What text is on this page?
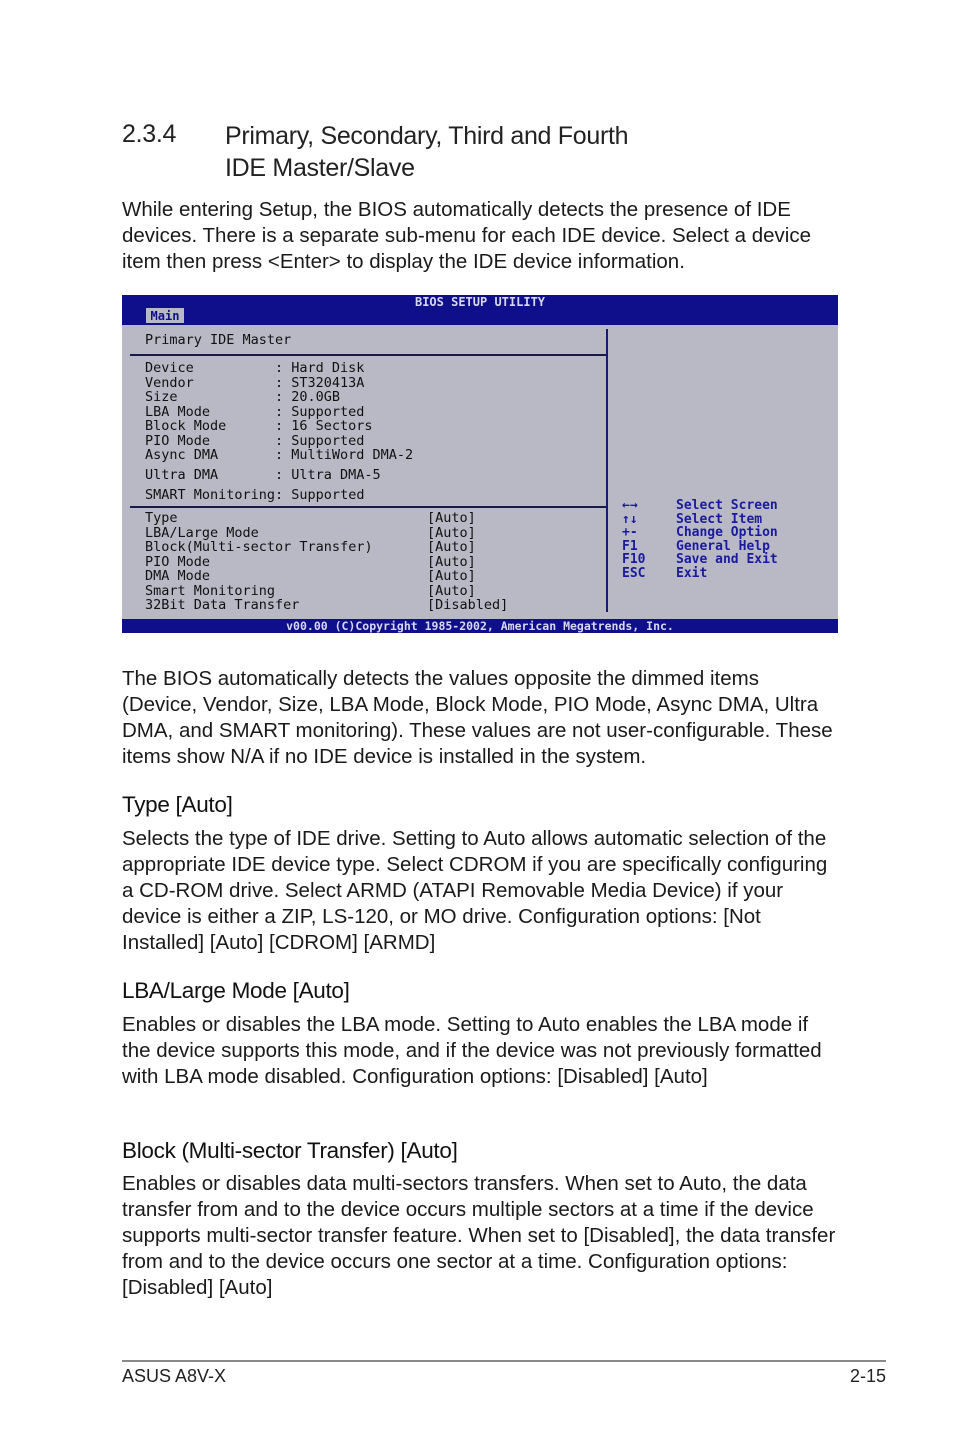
2.3.4 Primary, Secondary, Third and Fourth
IDE Master/Slave

While entering Setup, the BIOS automatically detects the presence of IDE devices. There is a separate sub-menu for each IDE device. Select a device item then press <Enter> to display the IDE device information.

BIOS SETUP UTILITY
Main
Primary IDE Master
Device	: Hard Disk
Vendor	: ST320413A
Size	: 20.0GB
LBA Mode	: Supported
Block Mode	: 16 Sectors
PIO Mode	: Supported
Async DMA	: MultiWord DMA-2
Ultra DMA	: Ultra DMA-5
SMART Monitoring: Supported
Type	[Auto]
LBA/Large Mode	[Auto]
Block(Multi-sector Transfer)	[Auto]
PIO Mode	[Auto]
DMA Mode	[Auto]
Smart Monitoring	[Auto]
32Bit Data Transfer	[Disabled]
←→	Select Screen
↑↓	Select Item
+-	Change Option
F1	General Help
F10 Save and Exit
ESC Exit
v00.00 (C)Copyright 1985-2002, American Megatrends, Inc.

The BIOS automatically detects the values opposite the dimmed items (Device, Vendor, Size, LBA Mode, Block Mode, PIO Mode, Async DMA, Ultra DMA, and SMART monitoring). These values are not user-configurable. These items show N/A if no IDE device is installed in the system.

Type [Auto]

Selects the type of IDE drive. Setting to Auto allows automatic selection of the appropriate IDE device type. Select CDROM if you are specifically configuring a CD-ROM drive. Select ARMD (ATAPI Removable Media Device) if your device is either a ZIP, LS-120, or MO drive. Configuration options: [Not Installed] [Auto] [CDROM] [ARMD]

LBA/Large Mode [Auto]

Enables or disables the LBA mode. Setting to Auto enables the LBA mode if the device supports this mode, and if the device was not previously formatted with LBA mode disabled. Configuration options: [Disabled] [Auto]

Block (Multi-sector Transfer) [Auto]

Enables or disables data multi-sectors transfers. When set to Auto, the data transfer from and to the device occurs multiple sectors at a time if the device supports multi-sector transfer feature. When set to [Disabled], the data transfer from and to the device occurs one sector at a time. Configuration options: [Disabled] [Auto]

ASUS A8V-X	2-15
